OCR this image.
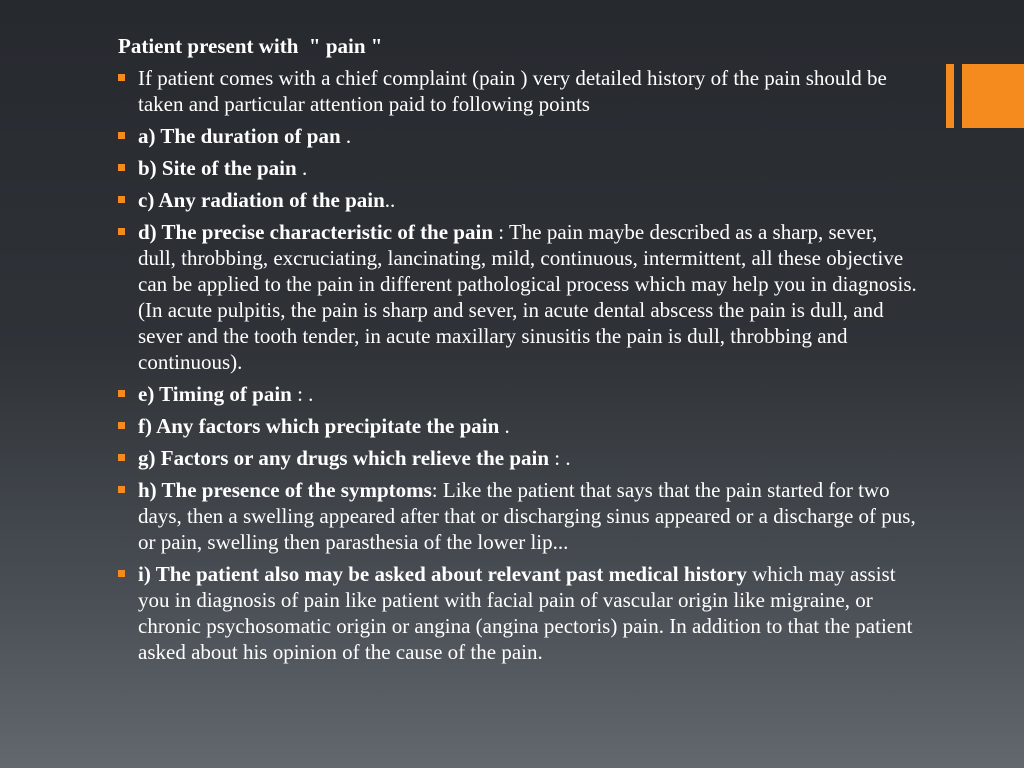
Patient present with  " pain "
If patient comes with a chief complaint (pain ) very detailed history of the pain should be taken and particular attention paid to following points
a) The duration of pan .
b) Site of the pain .
c) Any radiation of the pain..
d) The precise characteristic of the pain : The pain maybe described as a sharp, sever, dull, throbbing, excruciating, lancinating, mild, continuous, intermittent, all these objective can be applied to the pain in different pathological process which may help you in diagnosis. (In acute pulpitis, the pain is sharp and sever, in acute dental abscess the pain is dull, and sever and the tooth tender, in acute maxillary sinusitis the pain is dull, throbbing and continuous).
e) Timing of pain : .
f) Any factors which precipitate the pain .
g) Factors or any drugs which relieve the pain : .
h) The presence of the symptoms: Like the patient that says that the pain started for two days, then a swelling appeared after that or discharging sinus appeared or a discharge of pus, or pain, swelling then parasthesia of the lower lip...
i) The patient also may be asked about relevant past medical history which may assist you in diagnosis of pain like patient with facial pain of vascular origin like migraine, or chronic psychosomatic origin or angina (angina pectoris) pain. In addition to that the patient asked about his opinion of the cause of the pain.
